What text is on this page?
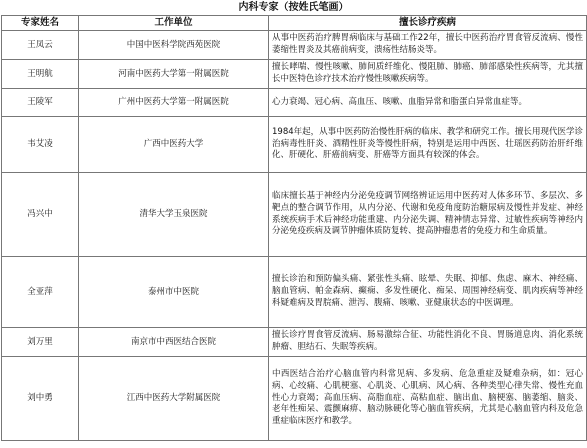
内科专家（按姓氏笔画）
专家姓名	工作单位	擅长诊疗疾病
王凤云	中国中医科学院西苑医院	从事中医药治疗脾胃病临床与基础工作22年，擅长中医药治疗胃食管反流病、慢性萎缩性胃炎及其癌前病变，溃疡性结肠炎等。
王明航	河南中医药大学第一附属医院	擅长哮喘、慢性咳嗽、肺间质纤维化、慢阻肺、肺癌、肺部感染性疾病等，尤其擅长中医特色诊疗技术治疗慢性咳嗽疾病等。
王陵军	广州中医药大学第一附属医院	心力衰竭、冠心病、高血压、咳嗽、血脂异常和脂蛋白异常血症等。
韦艾凌	广西中医药大学	1984年起，从事中医药防治慢性肝病的临床、教学和研究工作。擅长用现代医学诊治病毒性肝炎、酒精性肝炎等慢性肝病，特别是运用中西医、壮瑶医药防治肝纤维化、肝硬化、肝癌前病变、肝癌等方面具有较深的体会。
冯兴中	清华大学玉泉医院	临床擅长基于神经内分泌免疫调节网络辨证运用中医药对人体多环节、多层次、多靶点的整合调节作用，从内分泌、代谢和免疫角度防治糖尿病及慢性并发症、神经系统疾病手术后神经功能重建、内分泌失调、精神情志异常、过敏性疾病等神经内分泌免疫疾病及调节肿瘤体质防复转、提高肿瘤患者的免疫力和生命质量。
全亚萍	泰州市中医院	擅长诊治和预防偏头痛、紧张性头痛、眩晕、失眠、抑郁、焦虑、麻木、神经痛、脑血管病、帕金森病、癫痫、多发性硬化、痴呆、周围神经病变、肌肉疾病等神经科疑难病及胃脘痛、泄泻、腹痛、咳嗽、亚健康状态的中医调理。
刘万里	南京市中西医结合医院	擅长诊疗胃食管反流病、肠易激综合征、功能性消化不良、胃肠道息肉、消化系统肿瘤、胆结石、失眠等疾病。
刘中勇	江西中医药大学附属医院	中西医结合治疗心脑血管内科常见病、多发病、危急重症及疑难杂病，如：冠心病、心绞痛、心肌梗塞、心肌炎、心肌病、风心病、各种类型心律失常、慢性充血性心力衰竭；高血压病、高脂血症、高粘血症、脑出血、脑梗塞、脑萎缩、脑炎、老年性痴呆、震颤麻痹、脑动脉硬化等心脑血管疾病，尤其是心脑血管内科及危急重症临床医疗和教学。
